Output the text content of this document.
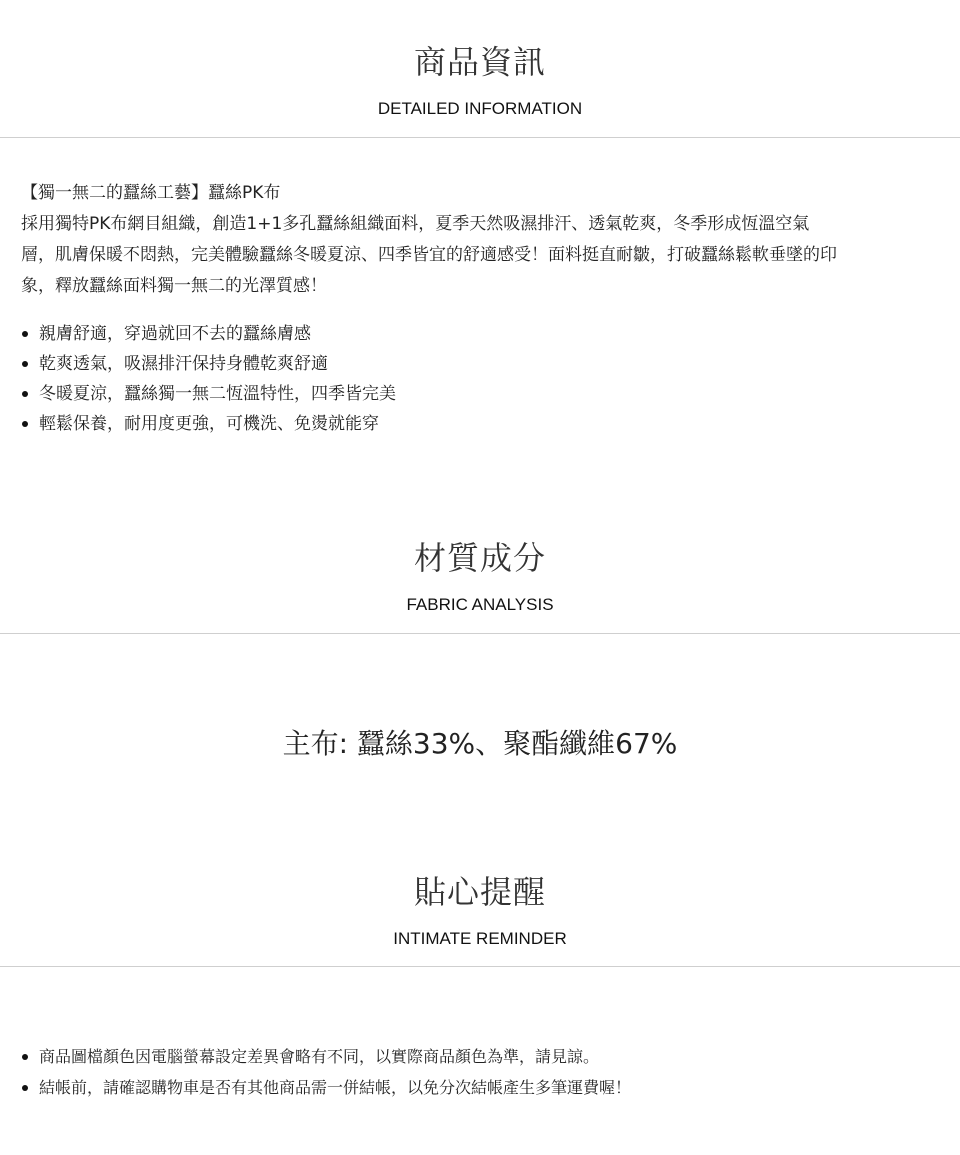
商品資訊
DETAILED INFORMATION

【獨一無二的蠶絲工藝】蠶絲PK布

採用獨特PK布網目組織，創造1+1多孔蠶絲組織面料，夏季天然吸濕排汗、透氣乾爽，冬季形成恆溫空氣

層，肌膚保暖不悶熱，完美體驗蠶絲冬暖夏涼、四季皆宜的舒適感受！面料挺直耐皺，打破蠶絲鬆軟垂墜的印

象，釋放蠶絲面料獨一無二的光澤質感！

親膚舒適，穿過就回不去的蠶絲膚感
乾爽透氣，吸濕排汗保持身體乾爽舒適
冬暖夏涼，蠶絲獨一無二恆溫特性，四季皆完美
輕鬆保養，耐用度更強，可機洗、免燙就能穿
材質成分
FABRIC ANALYSIS
主布: 蠶絲33%、聚酯纖維67%
貼心提醒
INTIMATE REMINDER
商品圖檔顏色因電腦螢幕設定差異會略有不同，以實際商品顏色為準，請見諒。
結帳前，請確認購物車是否有其他商品需一併結帳，以免分次結帳產生多筆運費喔！
